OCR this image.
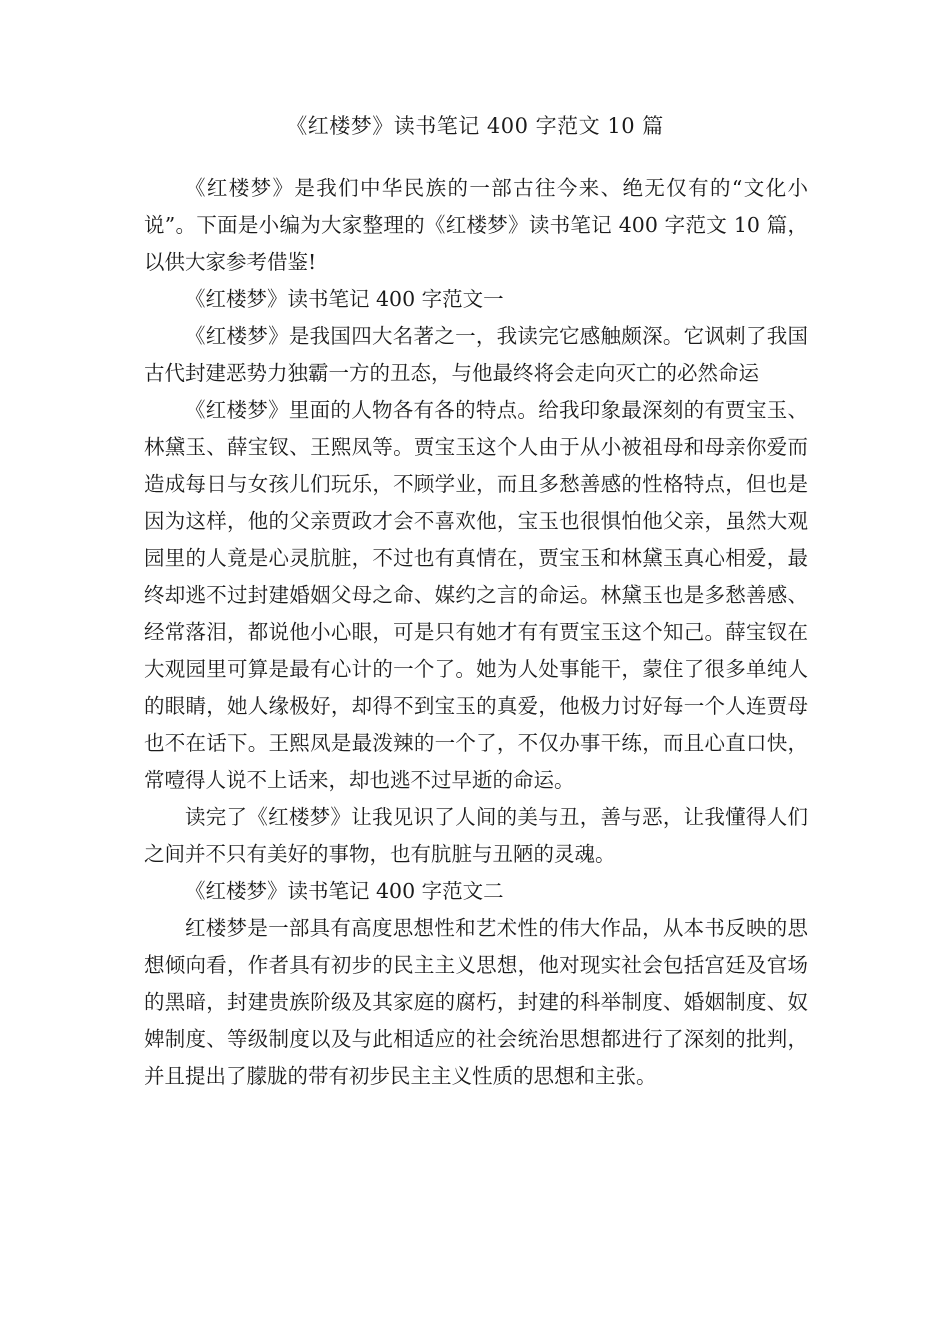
《红楼梦》读书笔记 400 字范文 10 篇

《红楼梦》是我们中华民族的一部古往今来、绝无仅有的“文化小说”。下面是小编为大家整理的《红楼梦》读书笔记 400 字范文 10 篇，以供大家参考借鉴!

《红楼梦》读书笔记 400 字范文一

《红楼梦》是我国四大名著之一，我读完它感触颇深。它讽刺了我国古代封建恶势力独霸一方的丑态，与他最终将会走向灭亡的必然命运

《红楼梦》里面的人物各有各的特点。给我印象最深刻的有贾宝玉、林黛玉、薛宝钗、王熙凤等。贾宝玉这个人由于从小被祖母和母亲你爱而造成每日与女孩儿们玩乐，不顾学业，而且多愁善感的性格特点，但也是因为这样，他的父亲贾政才会不喜欢他，宝玉也很惧怕他父亲，虽然大观园里的人竟是心灵肮脏，不过也有真情在，贾宝玉和林黛玉真心相爱，最终却逃不过封建婚姻父母之命、媒约之言的命运。林黛玉也是多愁善感、经常落泪，都说他小心眼，可是只有她才有有贾宝玉这个知己。薛宝钗在大观园里可算是最有心计的一个了。她为人处事能干，蒙住了很多单纯人的眼睛，她人缘极好，却得不到宝玉的真爱，他极力讨好每一个人连贾母也不在话下。王熙凤是最泼辣的一个了，不仅办事干练，而且心直口快，常噎得人说不上话来，却也逃不过早逝的命运。

读完了《红楼梦》让我见识了人间的美与丑，善与恶，让我懂得人们之间并不只有美好的事物，也有肮脏与丑陋的灵魂。

《红楼梦》读书笔记 400 字范文二

红楼梦是一部具有高度思想性和艺术性的伟大作品，从本书反映的思想倾向看，作者具有初步的民主主义思想，他对现实社会包括宫廷及官场的黑暗，封建贵族阶级及其家庭的腐朽，封建的科举制度、婚姻制度、奴婢制度、等级制度以及与此相适应的社会统治思想都进行了深刻的批判，并且提出了朦胧的带有初步民主主义性质的思想和主张。
